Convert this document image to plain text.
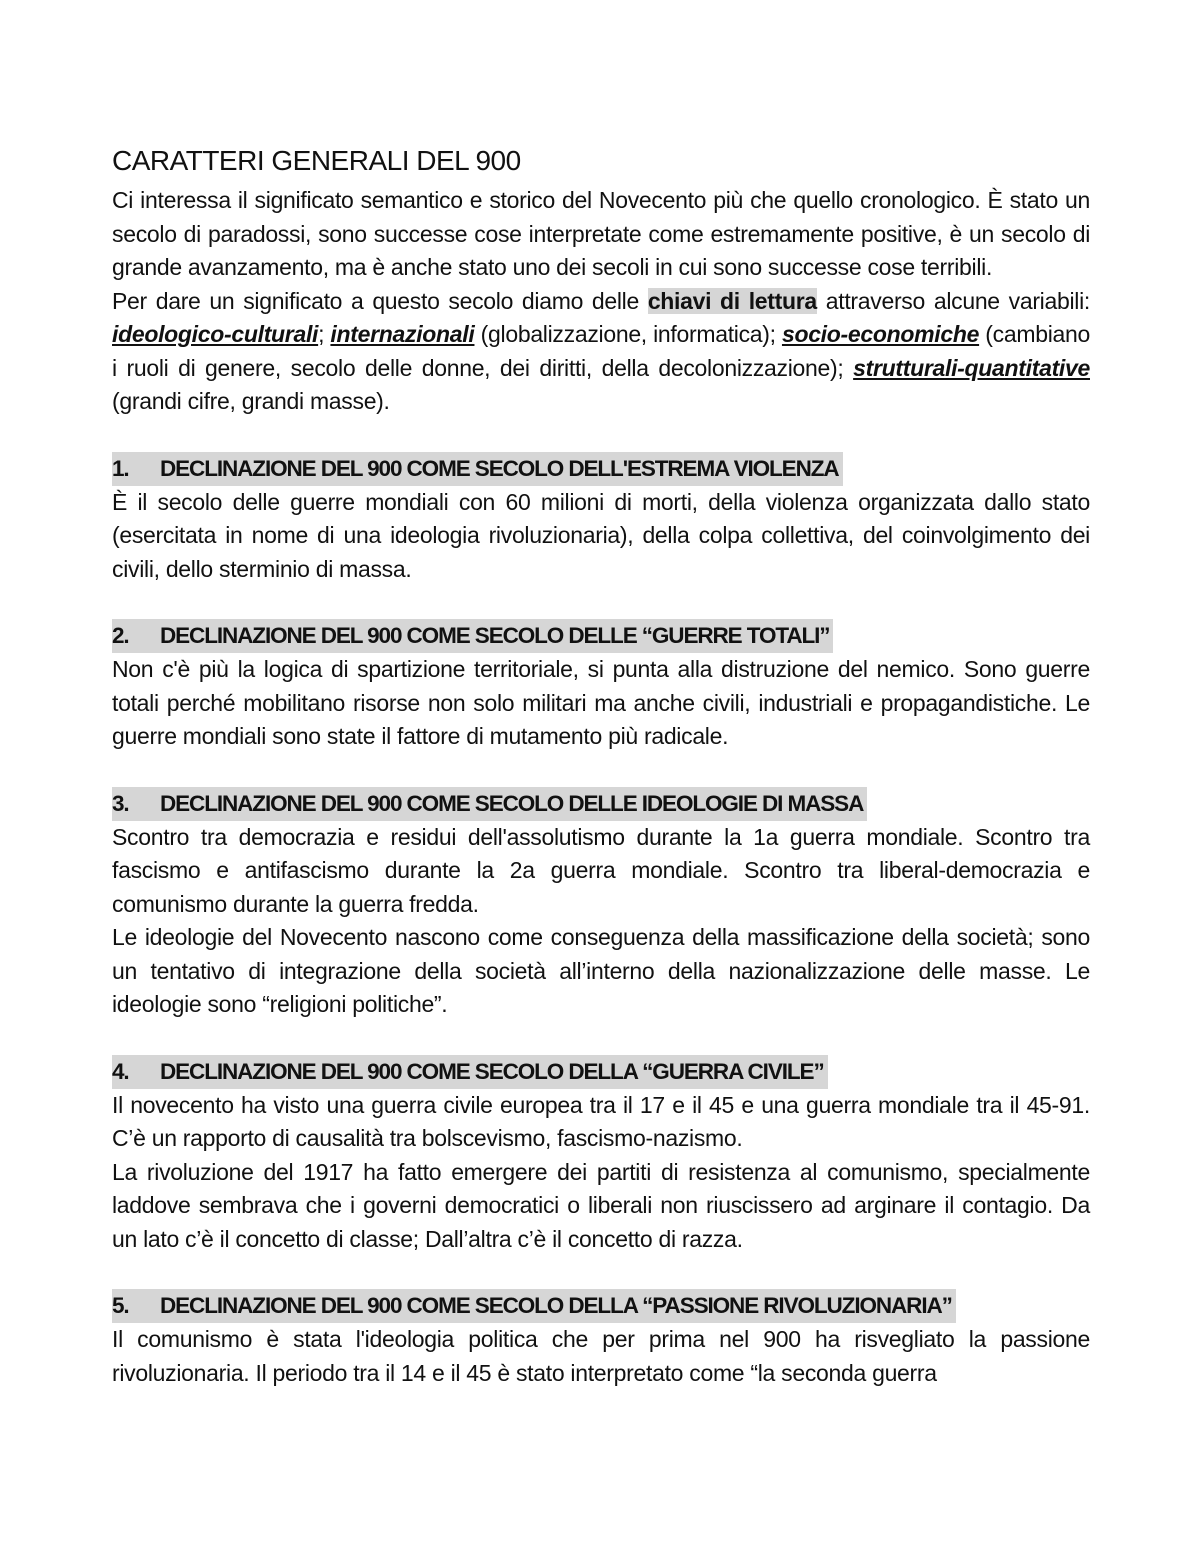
CARATTERI GENERALI DEL 900

Ci interessa il significato semantico e storico del Novecento più che quello cronologico. È stato un secolo di paradossi, sono successe cose interpretate come estremamente positive, è un secolo di grande avanzamento, ma è anche stato uno dei secoli in cui sono successe cose terribili.

Per dare un significato a questo secolo diamo delle chiavi di lettura attraverso alcune variabili: ideologico-culturali; internazionali (globalizzazione, informatica); socio-economiche (cambiano i ruoli di genere, secolo delle donne, dei diritti, della decolonizzazione); strutturali-quantitative (grandi cifre, grandi masse).

1. DECLINAZIONE DEL 900 COME SECOLO DELL'ESTREMA VIOLENZA

È il secolo delle guerre mondiali con 60 milioni di morti, della violenza organizzata dallo stato (esercitata in nome di una ideologia rivoluzionaria), della colpa collettiva, del coinvolgimento dei civili, dello sterminio di massa.

2. DECLINAZIONE DEL 900 COME SECOLO DELLE “GUERRE TOTALI”

Non c'è più la logica di spartizione territoriale, si punta alla distruzione del nemico. Sono guerre totali perché mobilitano risorse non solo militari ma anche civili, industriali e propagandistiche. Le guerre mondiali sono state il fattore di mutamento più radicale.

3. DECLINAZIONE DEL 900 COME SECOLO DELLE IDEOLOGIE DI MASSA

Scontro tra democrazia e residui dell'assolutismo durante la 1a guerra mondiale. Scontro tra fascismo e antifascismo durante la 2a guerra mondiale. Scontro tra liberal-democrazia e comunismo durante la guerra fredda.

Le ideologie del Novecento nascono come conseguenza della massificazione della società; sono un tentativo di integrazione della società all’interno della nazionalizzazione delle masse. Le ideologie sono “religioni politiche”.

4. DECLINAZIONE DEL 900 COME SECOLO DELLA “GUERRA CIVILE”

Il novecento ha visto una guerra civile europea tra il 17 e il 45 e una guerra mondiale tra il 45-91. C’è un rapporto di causalità tra bolscevismo, fascismo-nazismo.

La rivoluzione del 1917 ha fatto emergere dei partiti di resistenza al comunismo, specialmente laddove sembrava che i governi democratici o liberali non riuscissero ad arginare il contagio. Da un lato c’è il concetto di classe; Dall’altra c’è il concetto di razza.

5. DECLINAZIONE DEL 900 COME SECOLO DELLA “PASSIONE RIVOLUZIONARIA”

Il comunismo è stata l'ideologia politica che per prima nel 900 ha risvegliato la passione rivoluzionaria. Il periodo tra il 14 e il 45 è stato interpretato come “la seconda guerra
